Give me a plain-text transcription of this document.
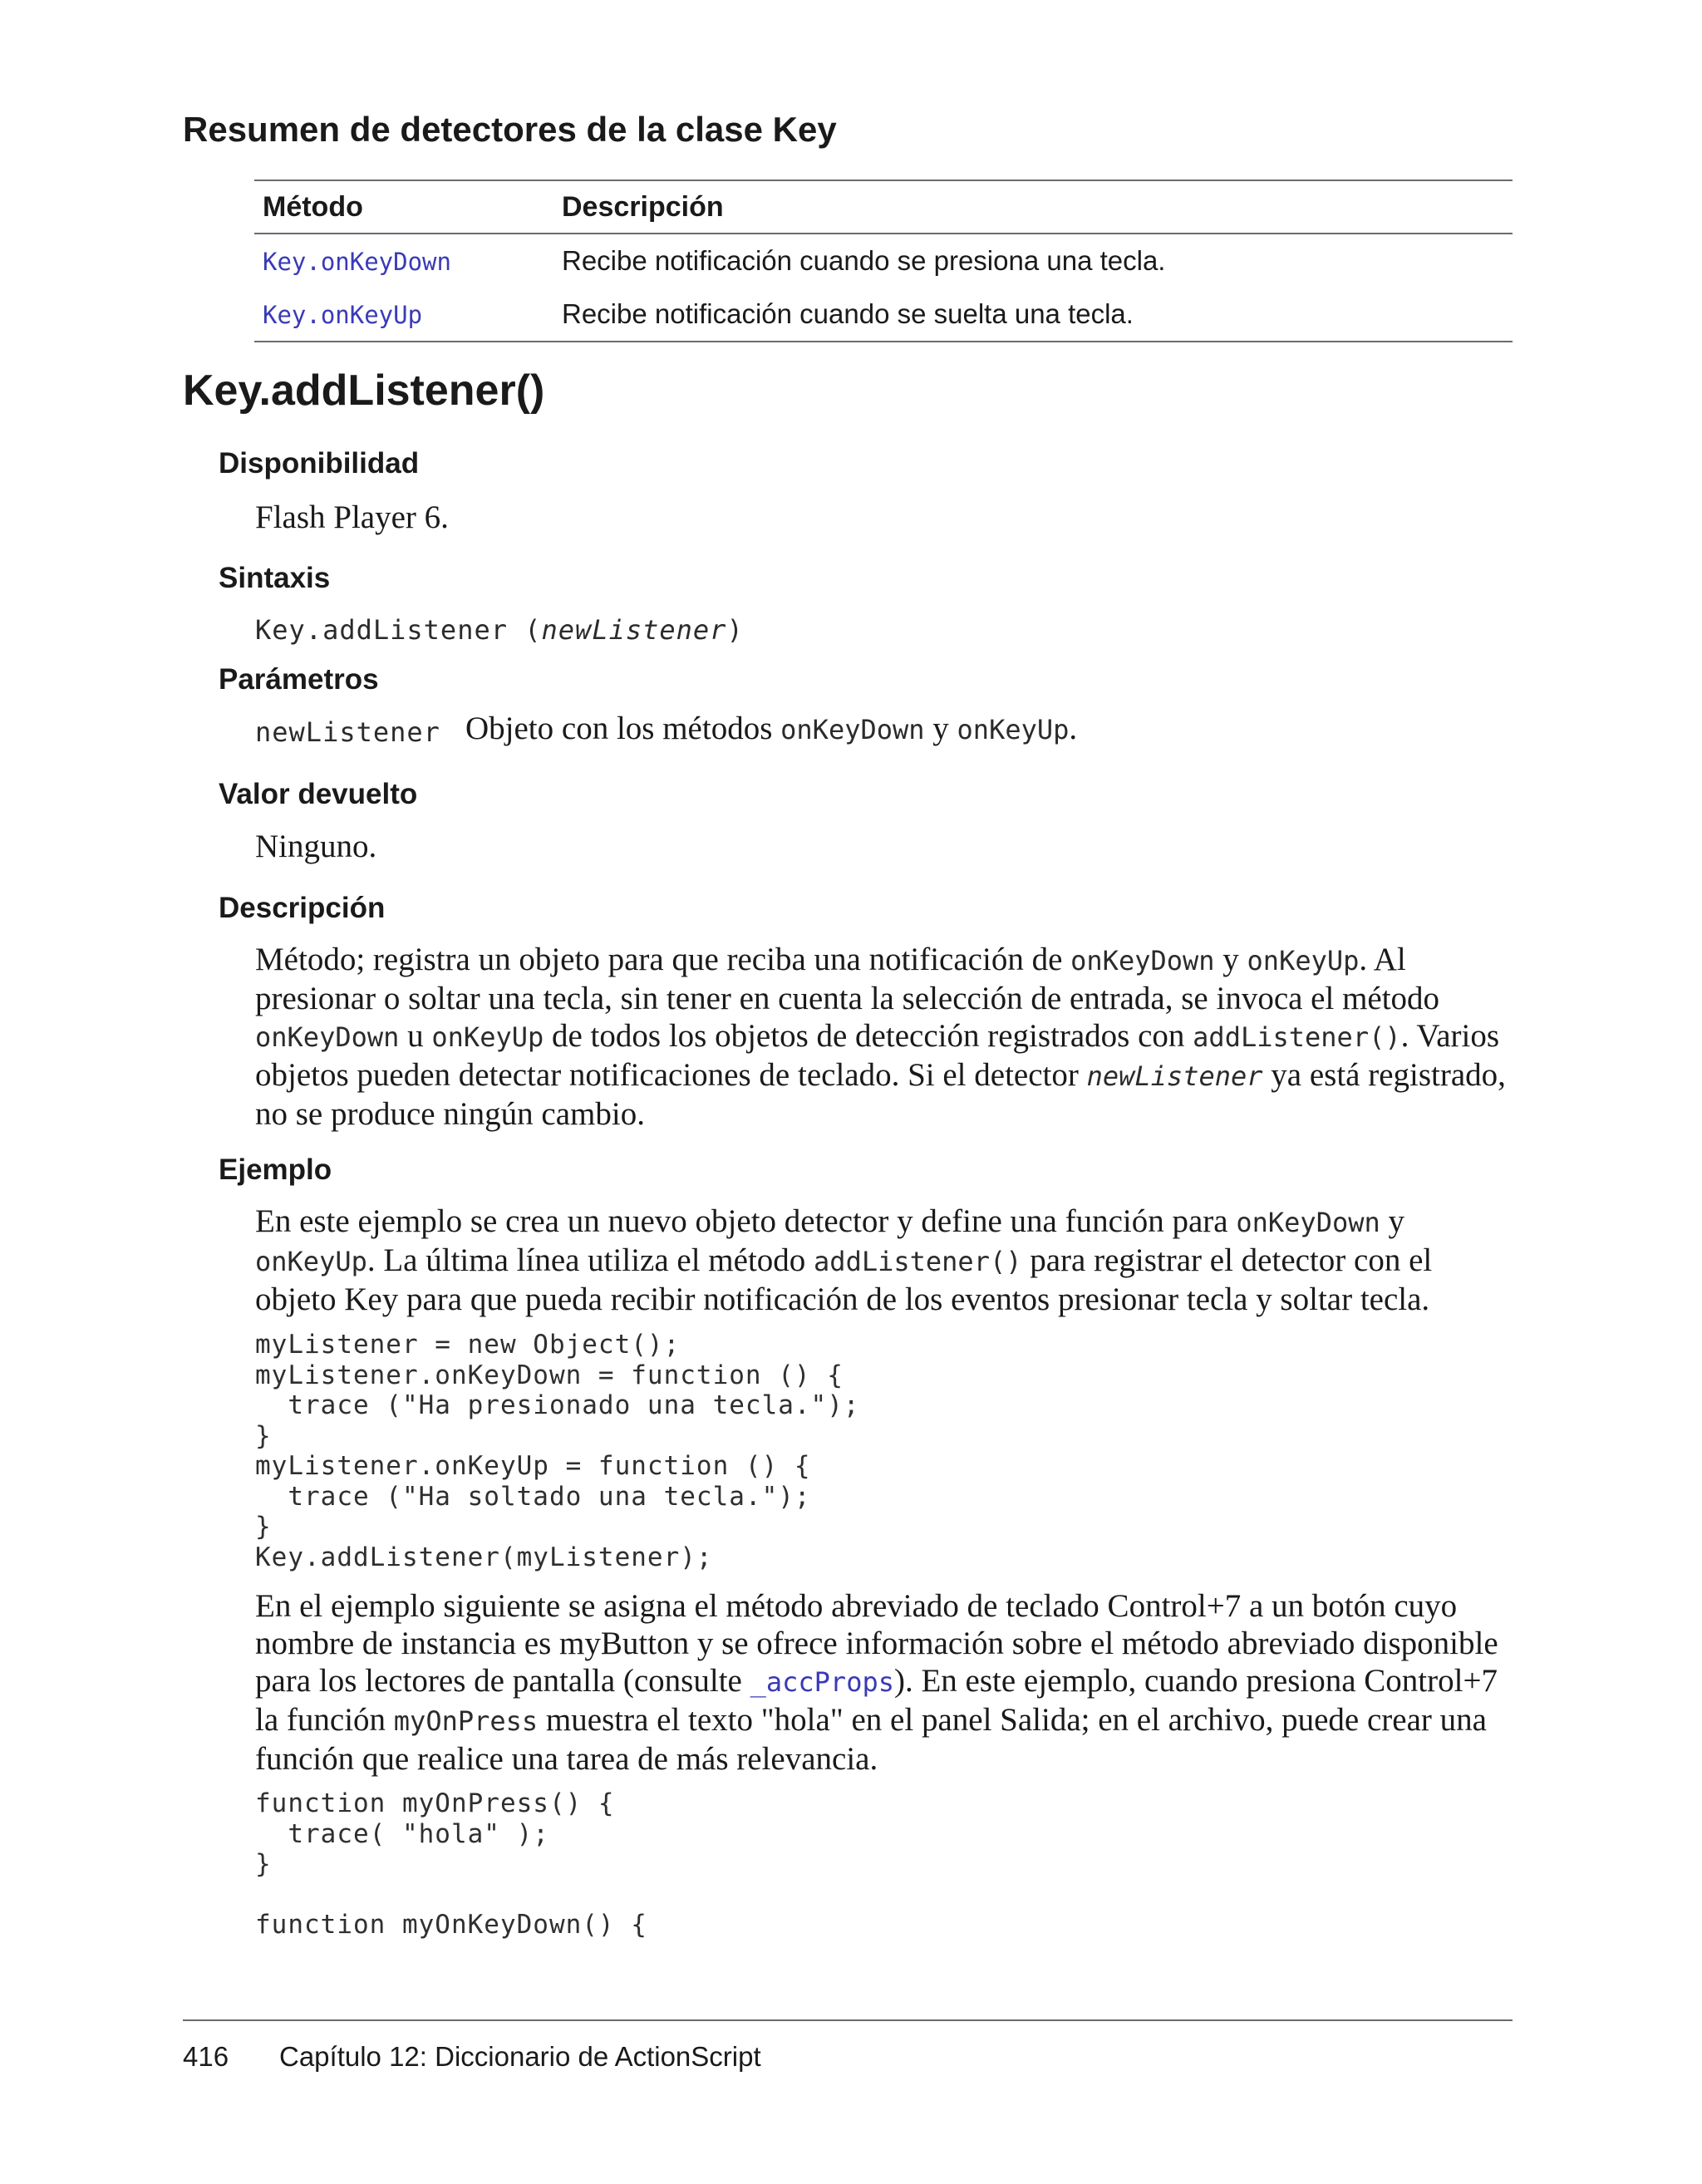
Resumen de detectores de la clase Key
Método	Descripción
Key.onKeyDown	Recibe notificación cuando se presiona una tecla.
Key.onKeyUp	Recibe notificación cuando se suelta una tecla.
Key.addListener()
Disponibilidad
Flash Player 6.
Sintaxis
Key.addListener (newListener)
Parámetros
newListener Objeto con los métodos onKeyDown y onKeyUp.
Valor devuelto
Ninguno.
Descripción
Método; registra un objeto para que reciba una notificación de onKeyDown y onKeyUp. Al presionar o soltar una tecla, sin tener en cuenta la selección de entrada, se invoca el método onKeyDown u onKeyUp de todos los objetos de detección registrados con addListener(). Varios objetos pueden detectar notificaciones de teclado. Si el detector newListener ya está registrado, no se produce ningún cambio.
Ejemplo
En este ejemplo se crea un nuevo objeto detector y define una función para onKeyDown y onKeyUp. La última línea utiliza el método addListener() para registrar el detector con el objeto Key para que pueda recibir notificación de los eventos presionar tecla y soltar tecla.
myListener = new Object();
myListener.onKeyDown = function () {
trace ("Ha presionado una tecla.");
}
myListener.onKeyUp = function () {
trace ("Ha soltado una tecla.");
}
Key.addListener(myListener);
En el ejemplo siguiente se asigna el método abreviado de teclado Control+7 a un botón cuyo nombre de instancia es myButton y se ofrece información sobre el método abreviado disponible para los lectores de pantalla (consulte _accProps). En este ejemplo, cuando presiona Control+7 la función myOnPress muestra el texto "hola" en el panel Salida; en el archivo, puede crear una función que realice una tarea de más relevancia.
function myOnPress() {
trace( "hola" );
}

function myOnKeyDown() {
416 Capítulo 12: Diccionario de ActionScript
